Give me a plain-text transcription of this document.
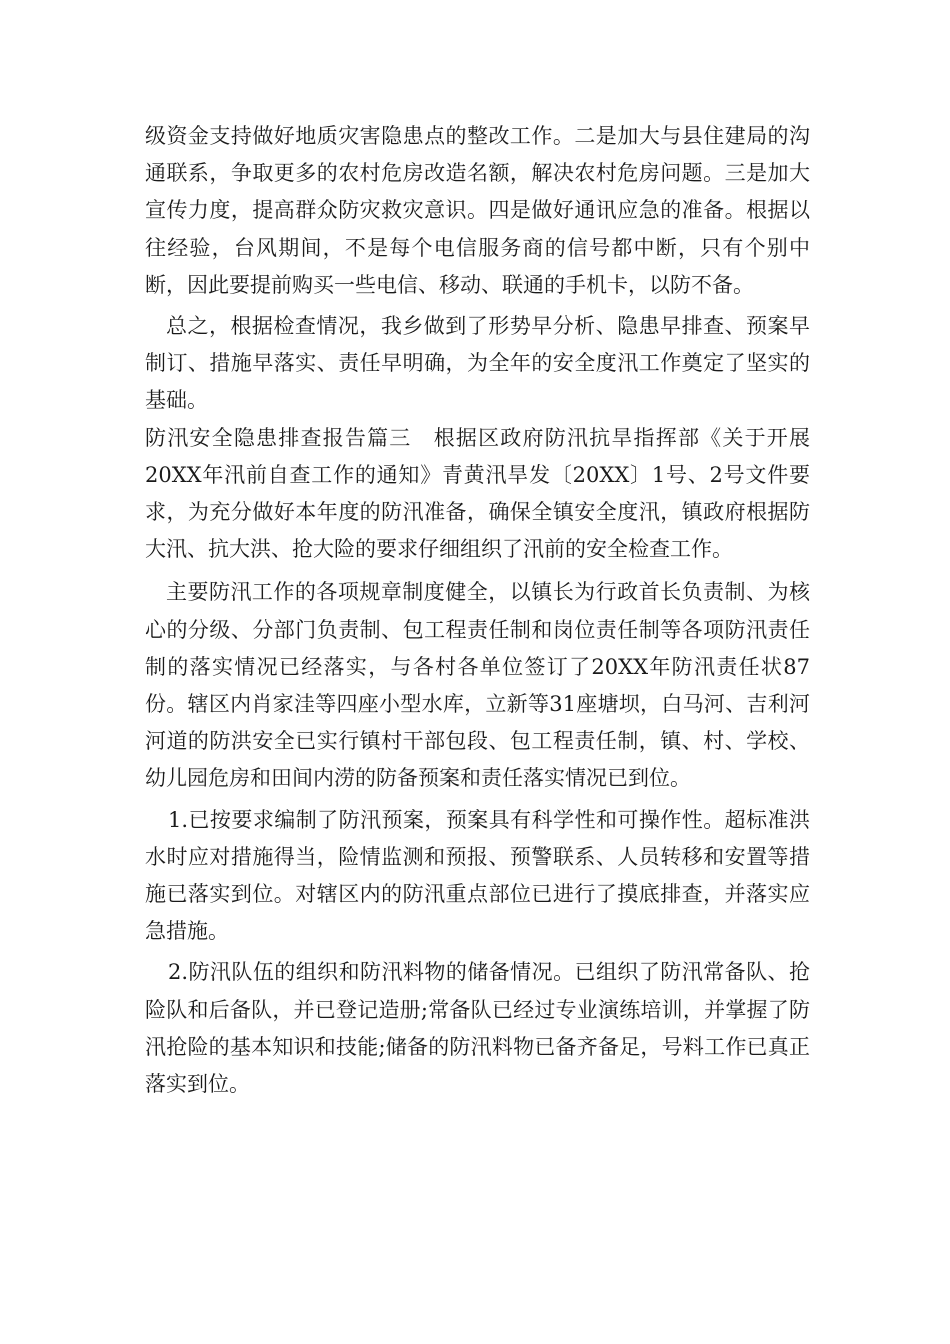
级资金支持做好地质灾害隐患点的整改工作。二是加大与县住建局的沟通联系，争取更多的农村危房改造名额，解决农村危房问题。三是加大宣传力度，提高群众防灾救灾意识。四是做好通讯应急的准备。根据以往经验，台风期间，不是每个电信服务商的信号都中断，只有个别中断，因此要提前购买一些电信、移动、联通的手机卡，以防不备。

总之，根据检查情况，我乡做到了形势早分析、隐患早排查、预案早制订、措施早落实、责任早明确，为全年的安全度汛工作奠定了坚实的基础。

防汛安全隐患排查报告篇三　根据区政府防汛抗旱指挥部《关于开展20XX年汛前自查工作的通知》青黄汛旱发〔20XX〕1号、2号文件要求，为充分做好本年度的防汛准备，确保全镇安全度汛，镇政府根据防大汛、抗大洪、抢大险的要求仔细组织了汛前的安全检查工作。

主要防汛工作的各项规章制度健全，以镇长为行政首长负责制、为核心的分级、分部门负责制、包工程责任制和岗位责任制等各项防汛责任制的落实情况已经落实，与各村各单位签订了20XX年防汛责任状87份。辖区内肖家洼等四座小型水库，立新等31座塘坝，白马河、吉利河河道的防洪安全已实行镇村干部包段、包工程责任制，镇、村、学校、幼儿园危房和田间内涝的防备预案和责任落实情况已到位。

1.已按要求编制了防汛预案，预案具有科学性和可操作性。超标准洪水时应对措施得当，险情监测和预报、预警联系、人员转移和安置等措施已落实到位。对辖区内的防汛重点部位已进行了摸底排查，并落实应急措施。

2.防汛队伍的组织和防汛料物的储备情况。已组织了防汛常备队、抢险队和后备队，并已登记造册;常备队已经过专业演练培训，并掌握了防汛抢险的基本知识和技能;储备的防汛料物已备齐备足，号料工作已真正落实到位。
